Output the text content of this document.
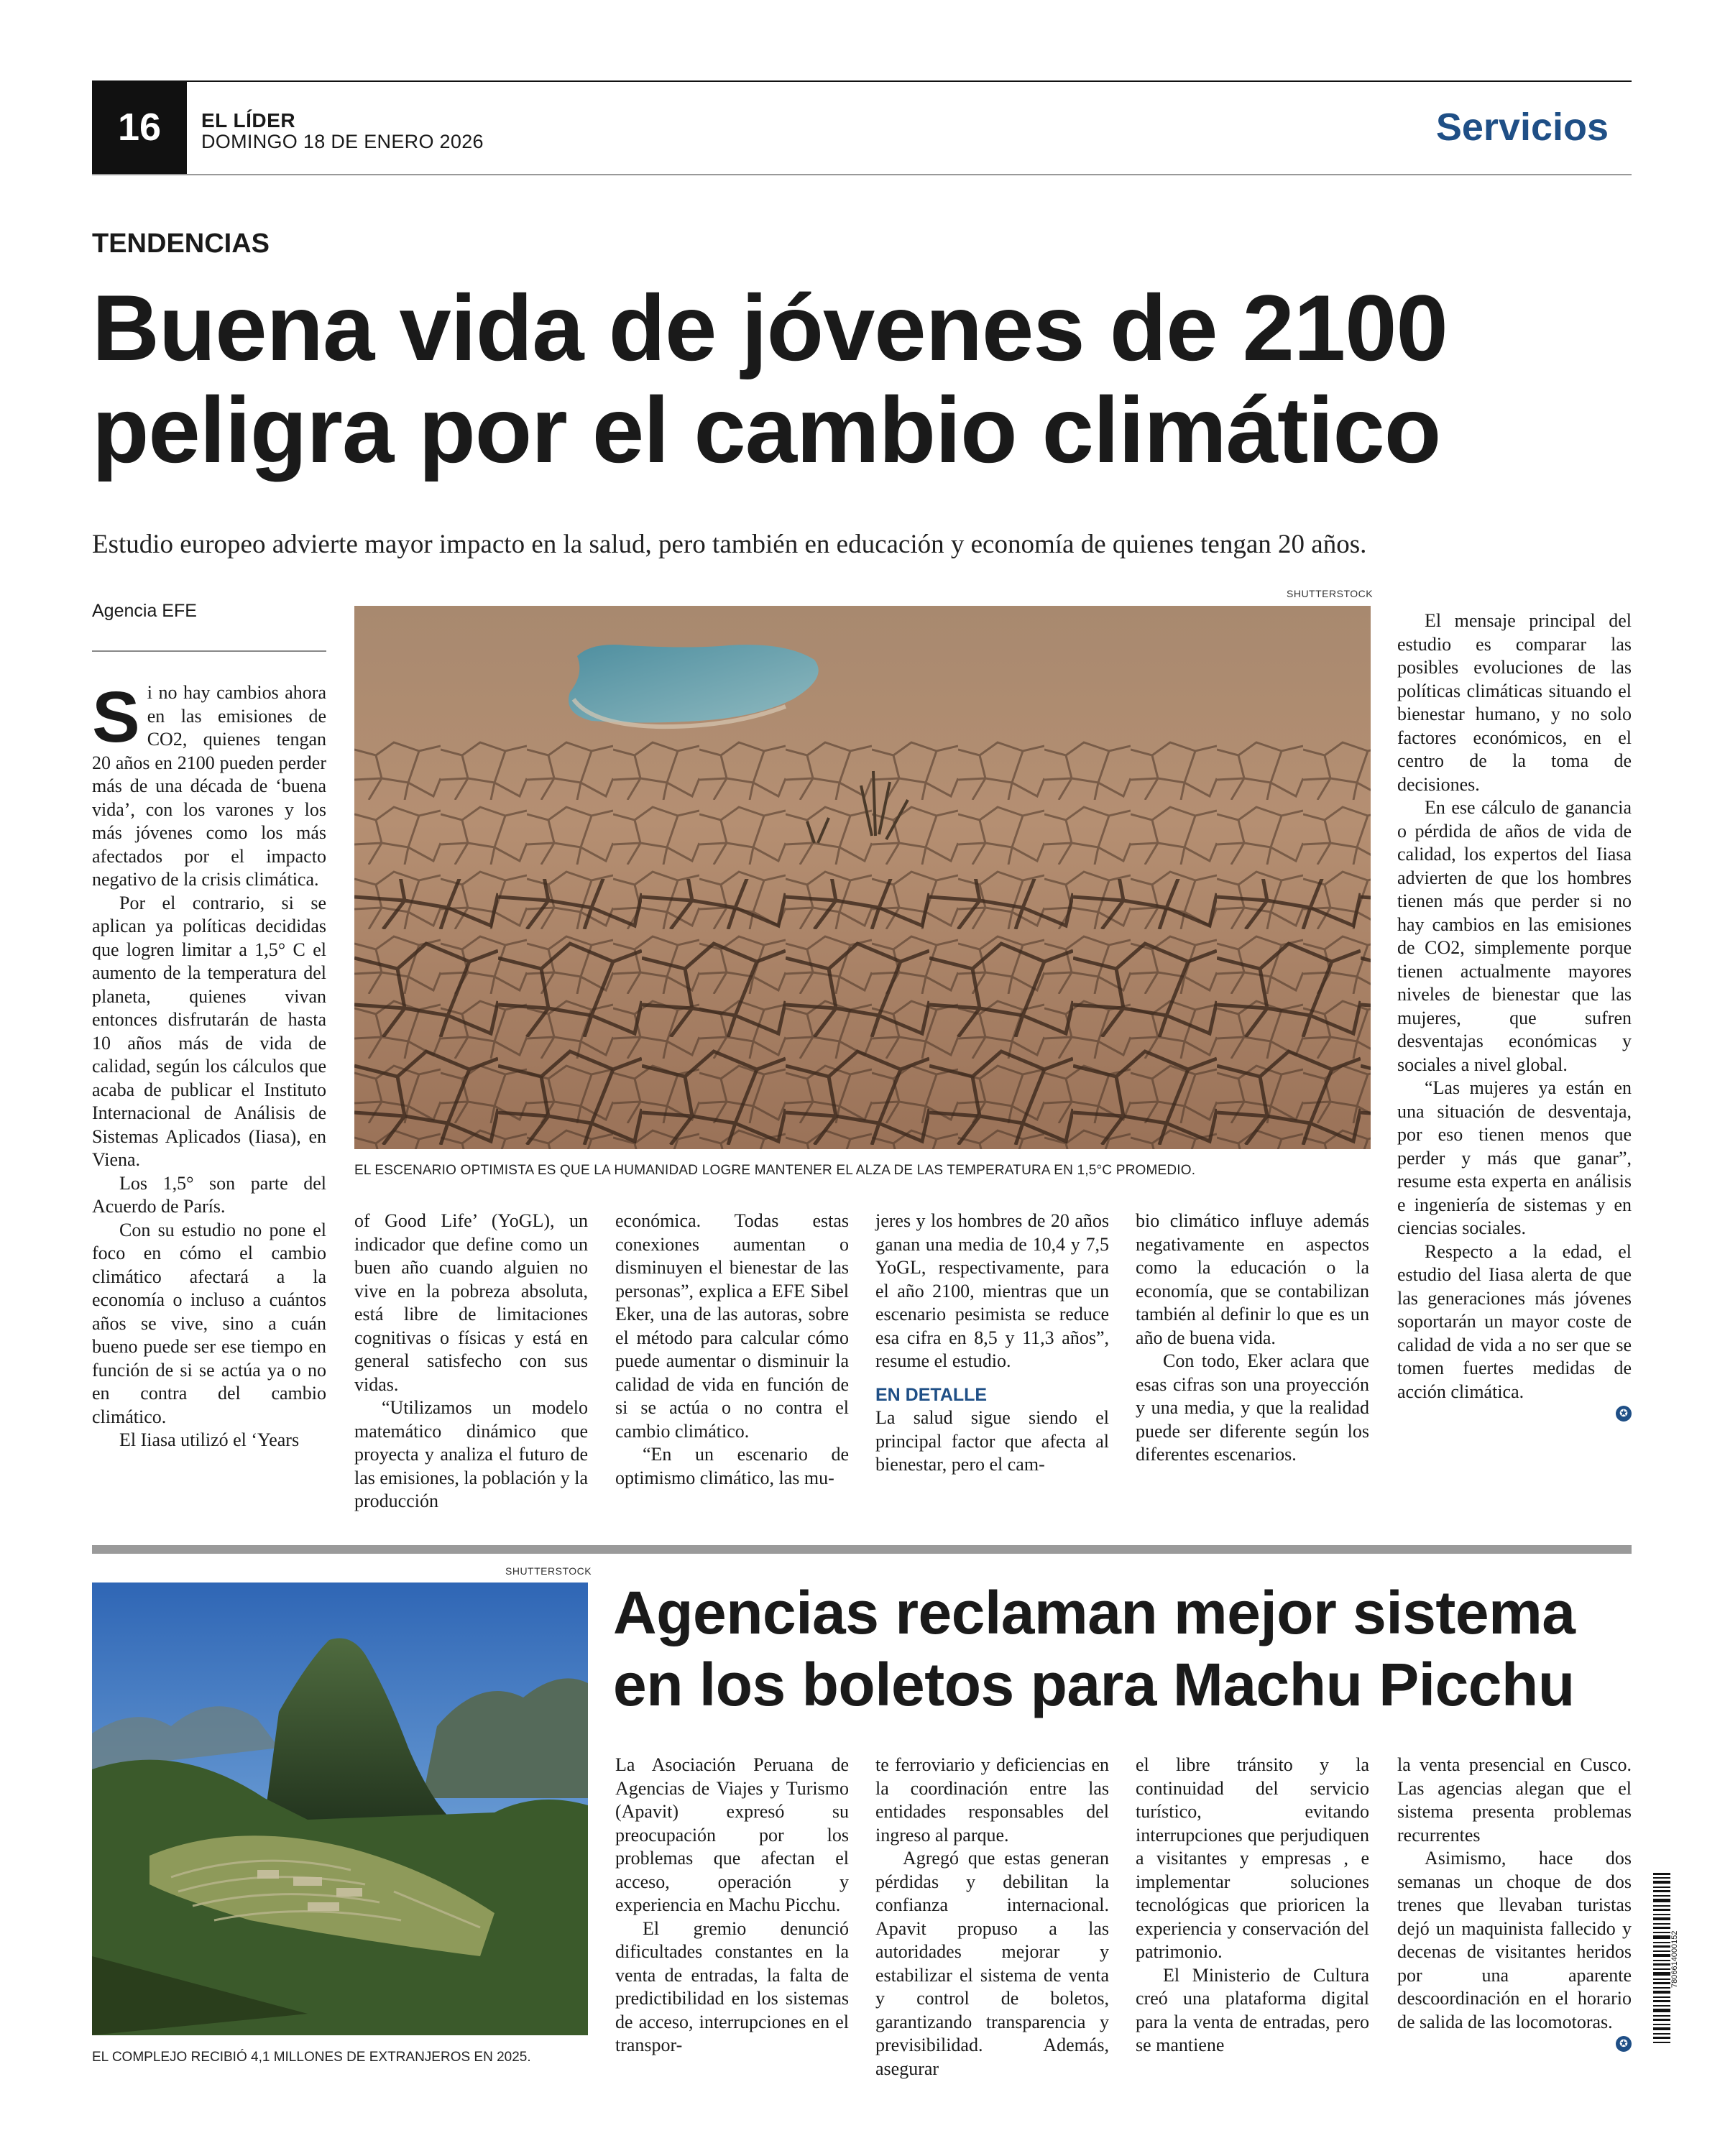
16	EL LÍDER
DOMINGO 18 DE ENERO 2026	Servicios
TENDENCIAS
Buena vida de jóvenes de 2100 peligra por el cambio climático
Estudio europeo advierte mayor impacto en la salud, pero también en educación y economía de quienes tengan 20 años.
Agencia EFE
SHUTTERSTOCK
EL ESCENARIO OPTIMISTA ES QUE LA HUMANIDAD LOGRE MANTENER EL ALZA DE LAS TEMPERATURA EN 1,5°C PROMEDIO.
S i no hay cambios ahora en las emisiones de CO2, quienes tengan 20 años en 2100 pueden perder más de una década de ‘buena vida’, con los varones y los más jóvenes como los más afectados por el impacto negativo de la crisis climática.

Por el contrario, si se aplican ya políticas decididas que logren limitar a 1,5° C el aumento de la temperatura del planeta, quienes vivan entonces disfrutarán de hasta 10 años más de vida de calidad, según los cálculos que acaba de publicar el Instituto Internacional de Análisis de Sistemas Aplicados (Iiasa), en Viena.

Los 1,5° son parte del Acuerdo de París.

Con su estudio no pone el foco en cómo el cambio climático afectará a la economía o incluso a cuántos años se vive, sino a cuán bueno puede ser ese tiempo en función de si se actúa ya o no en contra del cambio climático.

El Iiasa utilizó el ‘Years

of Good Life’ (YoGL), un indicador que define como un buen año cuando alguien no vive en la pobreza absoluta, está libre de limitaciones cognitivas o físicas y está en general satisfecho con sus vidas.

“Utilizamos un modelo matemático dinámico que proyecta y analiza el futuro de las emisiones, la población y la producción

económica. Todas estas conexiones aumentan o disminuyen el bienestar de las personas”, explica a EFE Sibel Eker, una de las autoras, sobre el método para calcular cómo puede aumentar o disminuir la calidad de vida en función de si se actúa o no contra el cambio climático.

“En un escenario de optimismo climático, las mu-

jeres y los hombres de 20 años ganan una media de 10,4 y 7,5 YoGL, respectivamente, para el año 2100, mientras que un escenario pesimista se reduce esa cifra en 8,5 y 11,3 años”, resume el estudio.

EN DETALLE

La salud sigue siendo el principal factor que afecta al bienestar, pero el cam-

bio climático influye además negativamente en aspectos como la educación o la economía, que se contabilizan también al definir lo que es un año de buena vida.

Con todo, Eker aclara que esas cifras son una proyección y una media, y que la realidad puede ser diferente según los diferentes escenarios.

El mensaje principal del estudio es comparar las posibles evoluciones de las políticas climáticas situando el bienestar humano, y no solo factores económicos, en el centro de la toma de decisiones.

En ese cálculo de ganancia o pérdida de años de vida de calidad, los expertos del Iiasa advierten de que los hombres tienen más que perder si no hay cambios en las emisiones de CO2, simplemente porque tienen actualmente mayores niveles de bienestar que las mujeres, que sufren desventajas económicas y sociales a nivel global.

“Las mujeres ya están en una situación de desventaja, por eso tienen menos que perder y más que ganar”, resume esta experta en análisis e ingeniería de sistemas y en ciencias sociales.

Respecto a la edad, el estudio del Iiasa alerta de que las generaciones más jóvenes soportarán un mayor coste de calidad de vida a no ser que se tomen fuertes medidas de acción climática.

✪
SHUTTERSTOCK
EL COMPLEJO RECIBIÓ 4,1 MILLONES DE EXTRANJEROS EN 2025.
Agencias reclaman mejor sistema en los boletos para Machu Picchu

La Asociación Peruana de Agencias de Viajes y Turismo (Apavit) expresó su preocupación por los problemas que afectan el acceso, operación y experiencia en Machu Picchu.

El gremio denunció dificultades constantes en la venta de entradas, la falta de predictibilidad en los sistemas de acceso, interrupciones en el transpor-

te ferroviario y deficiencias en la coordinación entre las entidades responsables del ingreso al parque.

Agregó que estas generan pérdidas y debilitan la confianza internacional. Apavit propuso a las autoridades mejorar y estabilizar el sistema de venta y control de boletos, garantizando transparencia y previsibilidad. Además, asegurar

el libre tránsito y la continuidad del servicio turístico, evitando interrupciones que perjudiquen a visitantes y empresas , e implementar soluciones tecnológicas que prioricen la experiencia y conservación del patrimonio.

El Ministerio de Cultura creó una plataforma digital para la venta de entradas, pero se mantiene

la venta presencial en Cusco. Las agencias alegan que el sistema presenta problemas recurrentes

Asimismo, hace dos semanas un choque de dos trenes que llevaban turistas dejó un maquinista fallecido y decenas de visitantes heridos por una aparente descoordinación en el horario de salida de las locomotoras.

✪
7806614000152
